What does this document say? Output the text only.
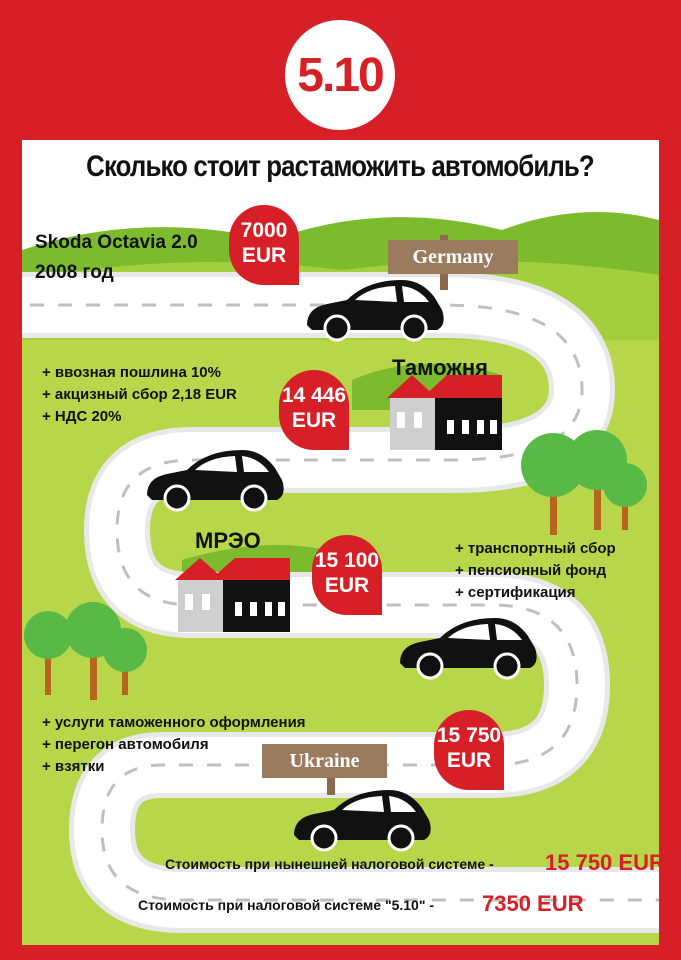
5.10
Сколько стоит растаможить автомобиль?
Skoda Octavia 2.0
2008 год
Germany
Ukraine
7000
EUR
14 446
EUR
15 100
EUR
15 750
EUR
Таможня
МРЭО
+ ввозная пошлина 10%
+ акцизный сбор 2,18 EUR
+ НДС 20%
+ транспортный сбор
+ пенсионный фонд
+ сертификация
+ услуги таможенного оформления
+ перегон автомобиля
+ взятки
Стоимость при нынешней налоговой системе - 15 750 EUR
Стоимость при налоговой системе "5.10" - 7350 EUR
